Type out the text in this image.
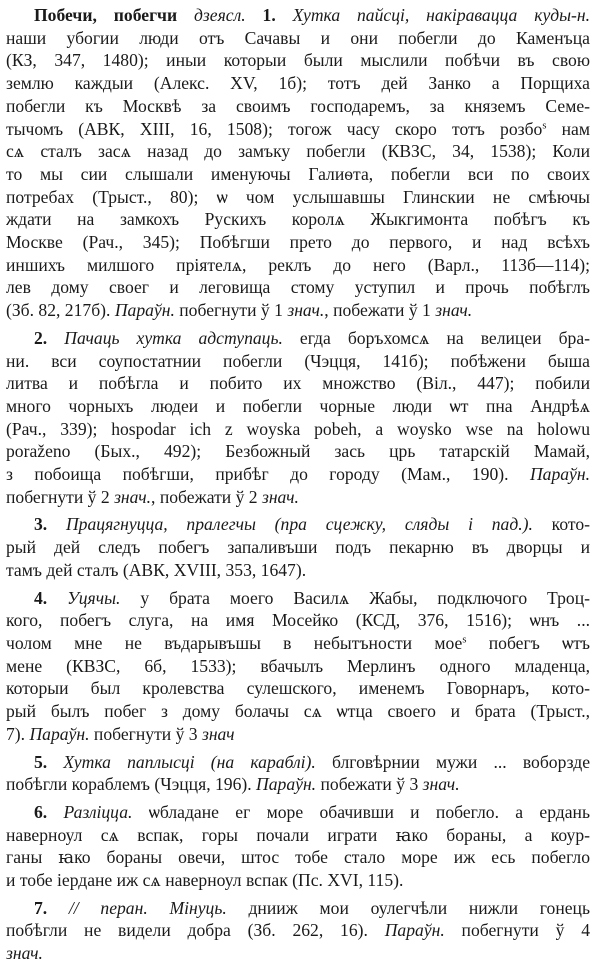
Побечи, побегчи дзеясл. 1. Хутка пайсці, накіравацца куды-н.
наши убогии люди отъ Сачавы и они побегли до Каменъца
(КЗ, 347, 1480); иныи которыи были мыслили побѣчи въ свою
землю каждыи (Алекс. XV, 1б); тотъ дей Занко а Порщиха
побегли къ Москвѣ за своимъ господаремъ, за княземъ Семе-
тычомъ (АВК, XIII, 16, 1508); тогож часу скоро тотъ розбо$^s$ нам
сѧ сталъ засѧ назад до замъку побегли (КВЗС, 34, 1538); Коли
то мы сии слышали именуючы Галиѳта, побегли вси по своих
потребах (Трыст., 80); ѡ чом услышавшы Глинскии не смѣючы
ждати на замкохъ Рускихъ королѧ Жыкгимонта побѣгъ къ
Москве (Рач., 345); Побѣгши прето до первого, и над всѣхъ
иншихъ милшого пріятелѧ, реклъ до него (Варл., 113б—114);
лев дому своег и леговища стому уступил и прочь побѣглъ
(Зб. 82, 217б). Параўн. побегнути ў 1 знач., побежати ў 1 знач.
2. Пачаць хутка адступаць. егда боръхомсѧ на велицеи бра-
ни. вси соупостатнии побегли (Чэцця, 141б); побѣжени быша
литва и побѣгла и побито их множство (Віл., 447); побили
много чорныхъ людеи и побегли чорные люди ѡт пна Андрѣѧ
(Рач., 339); hospodar ich z woyska pobeh, a woysko wse na holowu
poraženo (Бых., 492); Безбожный зась црь татарскій Мамай,
з побоища побѣгши, прибѣг до городу (Мам., 190). Параўн.
побегнути ў 2 знач., побежати ў 2 знач.
3. Працягнуцца, пралегчы (пра сцежку, сляды і пад.). кото-
рый дей следъ побегъ запаливъши подъ пекарню въ дворцы и
тамъ дей сталъ (АВК, XVIII, 353, 1647).
4. Уцячы. у брата моего Василѧ Жабы, подключого Троц-
кого, побегъ слуга, на имя Мосейко (КСД, 376, 1516); ѡнъ ...
чолом мне не въдарывъшы в небытъности мое$^s$ побегъ ѡтъ
мене (КВЗС, 6б, 1533); вбачылъ Мерлинъ одного младенца,
которыи был кролевства сулешского, именемъ Говорнаръ, кото-
рый былъ побег з дому болачы сѧ ѡтца своего и брата (Трыст.,
7). Параўн. побегнути ў 3 знач
5. Хутка паплысці (на караблі). блговѣрнии мужи ... воборзде
побѣгли кораблемъ (Чэцця, 196). Параўн. побежати ў 3 знач.
6. Разліцца. ѡбладане ег море обачивши и побегло. а ердань
наверноул сѧ вспак, горы почали играти ꙗко бораны, а коур-
ганы ꙗко бораны овечи, штос тобе стало море иж есь побегло
и тобе іердане иж сѧ наверноул вспак (Пс. XVI, 115).
7. // перан. Мінуць. днииж мои оулегчѣли нижли гонець
побѣгли не видели добра (Зб. 262, 16). Параўн. побегнути ў 4
знач.
